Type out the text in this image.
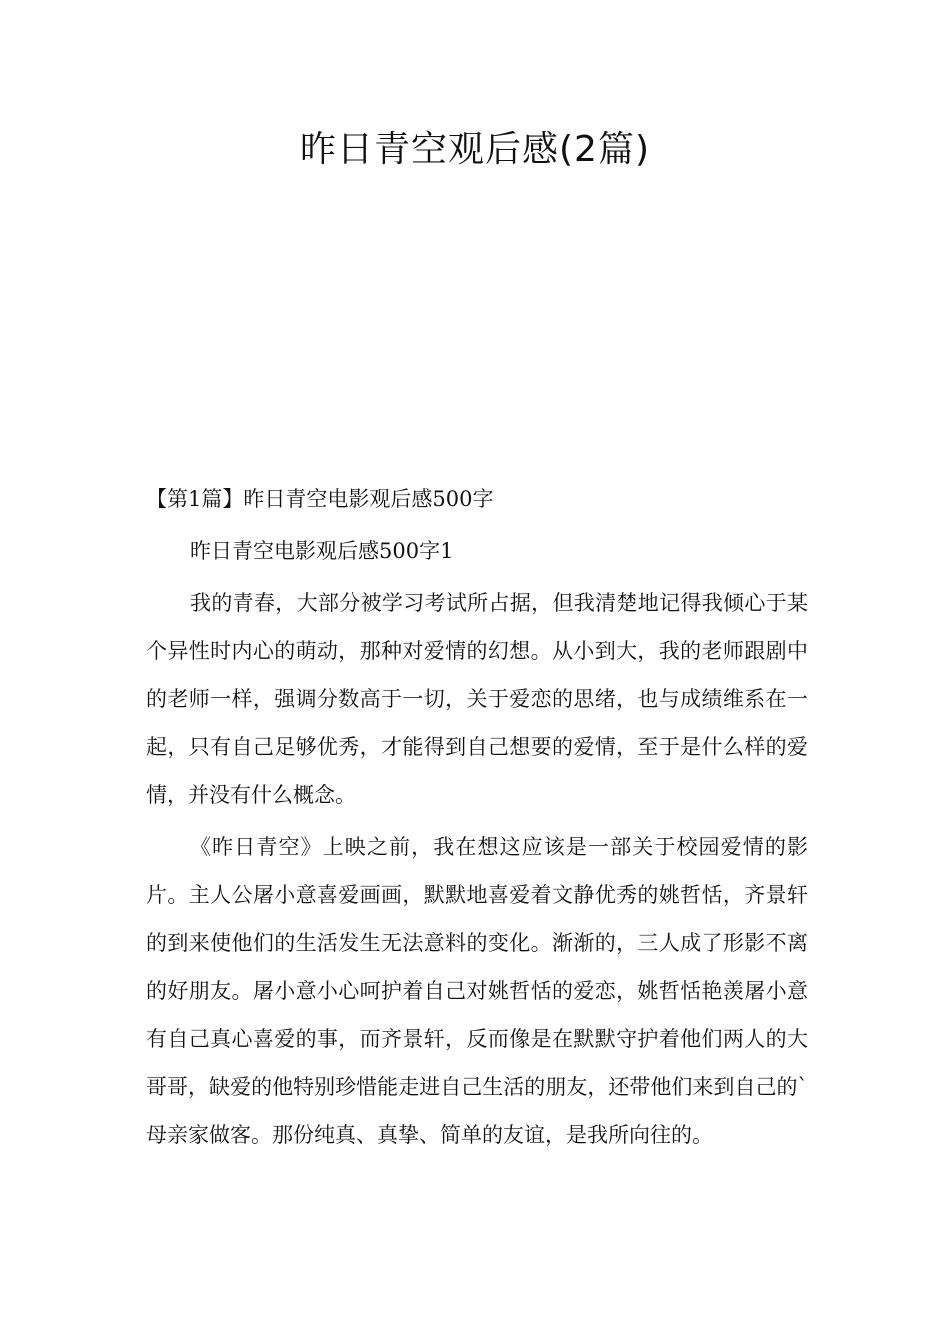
昨日青空观后感(2篇)
【第1篇】昨日青空电影观后感500字

昨日青空电影观后感500字1

我的青春，大部分被学习考试所占据，但我清楚地记得我倾心于某个异性时内心的萌动，那种对爱情的幻想。从小到大，我的老师跟剧中的老师一样，强调分数高于一切，关于爱恋的思绪，也与成绩维系在一起，只有自己足够优秀，才能得到自己想要的爱情，至于是什么样的爱情，并没有什么概念。

《昨日青空》上映之前，我在想这应该是一部关于校园爱情的影片。主人公屠小意喜爱画画，默默地喜爱着文静优秀的姚哲恬，齐景轩的到来使他们的生活发生无法意料的变化。渐渐的，三人成了形影不离的好朋友。屠小意小心呵护着自己对姚哲恬的爱恋，姚哲恬艳羡屠小意有自己真心喜爱的事，而齐景轩，反而像是在默默守护着他们两人的大哥哥，缺爱的他特别珍惜能走进自己生活的朋友，还带他们来到自己的`母亲家做客。那份纯真、真挚、简单的友谊，是我所向往的。
